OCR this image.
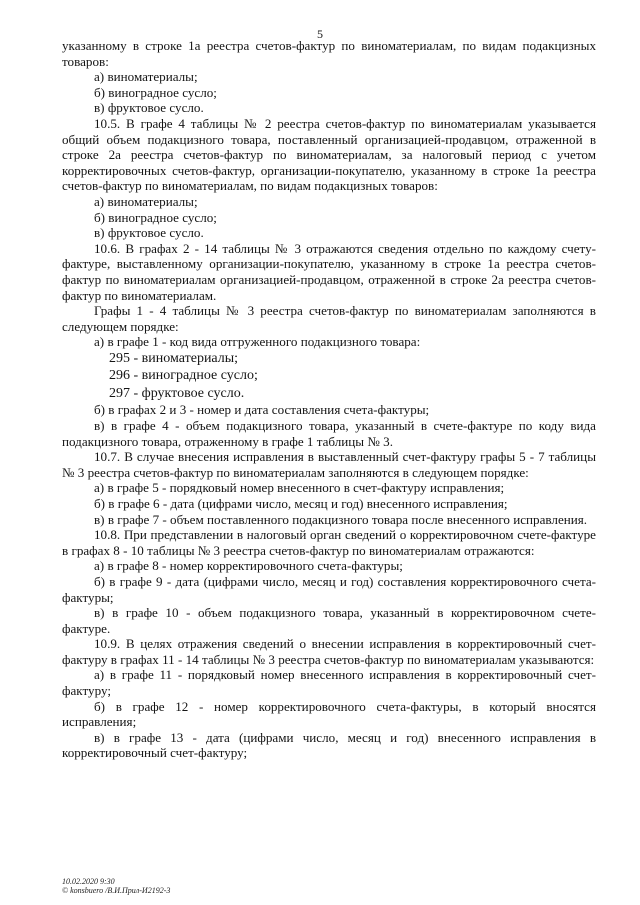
5

указанному в строке 1а реестра счетов-фактур по виноматериалам, по видам подакцизных товаров:

а) виноматериалы;

б) виноградное сусло;

в) фруктовое сусло.

10.5. В графе 4 таблицы № 2 реестра счетов-фактур по виноматериалам указывается общий объем подакцизного товара, поставленный организацией-продавцом, отраженной в строке 2а реестра счетов-фактур по виноматериалам, за налоговый период с учетом корректировочных счетов-фактур, организации-покупателю, указанному в строке 1а реестра счетов-фактур по виноматериалам, по видам подакцизных товаров:

а) виноматериалы;

б) виноградное сусло;

в) фруктовое сусло.

10.6. В графах 2 - 14 таблицы № 3 отражаются сведения отдельно по каждому счету-фактуре, выставленному организации-покупателю, указанному в строке 1а реестра счетов-фактур по виноматериалам организацией-продавцом, отраженной в строке 2а реестра счетов-фактур по виноматериалам.

Графы 1 - 4 таблицы № 3 реестра счетов-фактур по виноматериалам заполняются в следующем порядке:

а) в графе 1 - код вида отгруженного подакцизного товара:

295 - виноматериалы;

296 - виноградное сусло;

297 - фруктовое сусло.

б) в графах 2 и 3 - номер и дата составления счета-фактуры;

в) в графе 4 - объем подакцизного товара, указанный в счете-фактуре по коду вида подакцизного товара, отраженному в графе 1 таблицы № 3.

10.7. В случае внесения исправления в выставленный счет-фактуру графы 5 - 7 таблицы № 3 реестра счетов-фактур по виноматериалам заполняются в следующем порядке:

а) в графе 5 - порядковый номер внесенного в счет-фактуру исправления;

б) в графе 6 - дата (цифрами число, месяц и год) внесенного исправления;

в) в графе 7 - объем поставленного подакцизного товара после внесенного исправления.

10.8. При представлении в налоговый орган сведений о корректировочном счете-фактуре в графах 8 - 10 таблицы № 3 реестра счетов-фактур по виноматериалам отражаются:

а) в графе 8 - номер корректировочного счета-фактуры;

б) в графе 9 - дата (цифрами число, месяц и год) составления корректировочного счета-фактуры;

в) в графе 10 - объем подакцизного товара, указанный в корректировочном счете-фактуре.

10.9. В целях отражения сведений о внесении исправления в корректировочный счет-фактуру в графах 11 - 14 таблицы № 3 реестра счетов-фактур по виноматериалам указываются:

а) в графе 11 - порядковый номер внесенного исправления в корректировочный счет-фактуру;

б) в графе 12 - номер корректировочного счета-фактуры, в который вносятся исправления;

в) в графе 13 - дата (цифрами число, месяц и год) внесенного исправления в корректировочный счет-фактуру;

10.02.2020 9:30
© konsbuero /В.И.Прил-И2192-3
